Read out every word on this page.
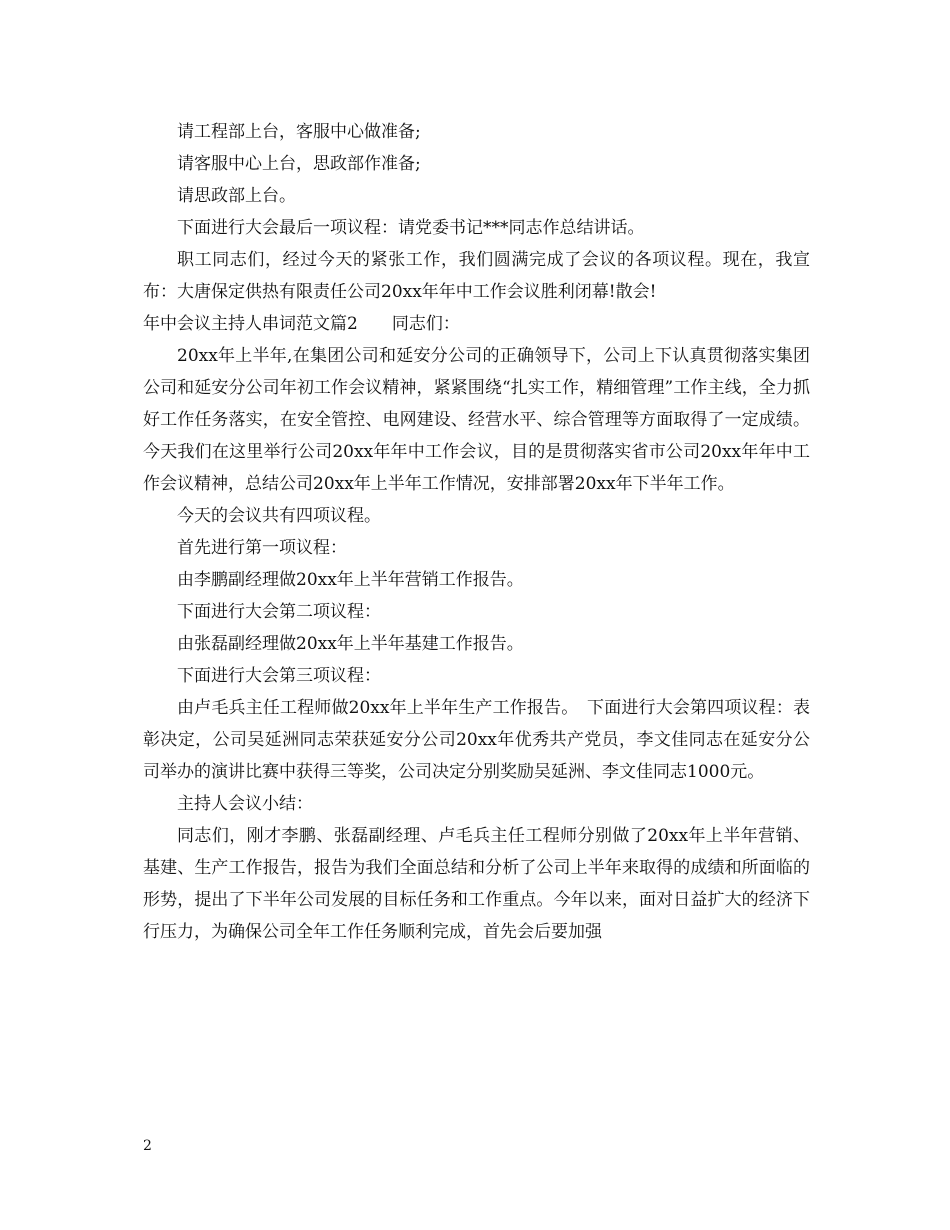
请工程部上台，客服中心做准备;

请客服中心上台，思政部作准备;

请思政部上台。

下面进行大会最后一项议程：请党委书记***同志作总结讲话。

职工同志们，经过今天的紧张工作，我们圆满完成了会议的各项议程。现在，我宣布：大唐保定供热有限责任公司20xx年年中工作会议胜利闭幕!散会!

年中会议主持人串词范文篇2　　同志们：

20xx年上半年,在集团公司和延安分公司的正确领导下，公司上下认真贯彻落实集团公司和延安分公司年初工作会议精神，紧紧围绕“扎实工作，精细管理”工作主线，全力抓好工作任务落实，在安全管控、电网建设、经营水平、综合管理等方面取得了一定成绩。今天我们在这里举行公司20xx年年中工作会议，目的是贯彻落实省市公司20xx年年中工作会议精神，总结公司20xx年上半年工作情况，安排部署20xx年下半年工作。

今天的会议共有四项议程。

首先进行第一项议程：

由李鹏副经理做20xx年上半年营销工作报告。

下面进行大会第二项议程：

由张磊副经理做20xx年上半年基建工作报告。

下面进行大会第三项议程：

由卢毛兵主任工程师做20xx年上半年生产工作报告。　下面进行大会第四项议程：表彰决定，公司吴延洲同志荣获延安分公司20xx年优秀共产党员，李文佳同志在延安分公司举办的演讲比赛中获得三等奖，公司决定分别奖励吴延洲、李文佳同志1000元。

主持人会议小结：

同志们，刚才李鹏、张磊副经理、卢毛兵主任工程师分别做了20xx年上半年营销、基建、生产工作报告，报告为我们全面总结和分析了公司上半年来取得的成绩和所面临的形势，提出了下半年公司发展的目标任务和工作重点。今年以来，面对日益扩大的经济下行压力，为确保公司全年工作任务顺利完成，首先会后要加强

2
